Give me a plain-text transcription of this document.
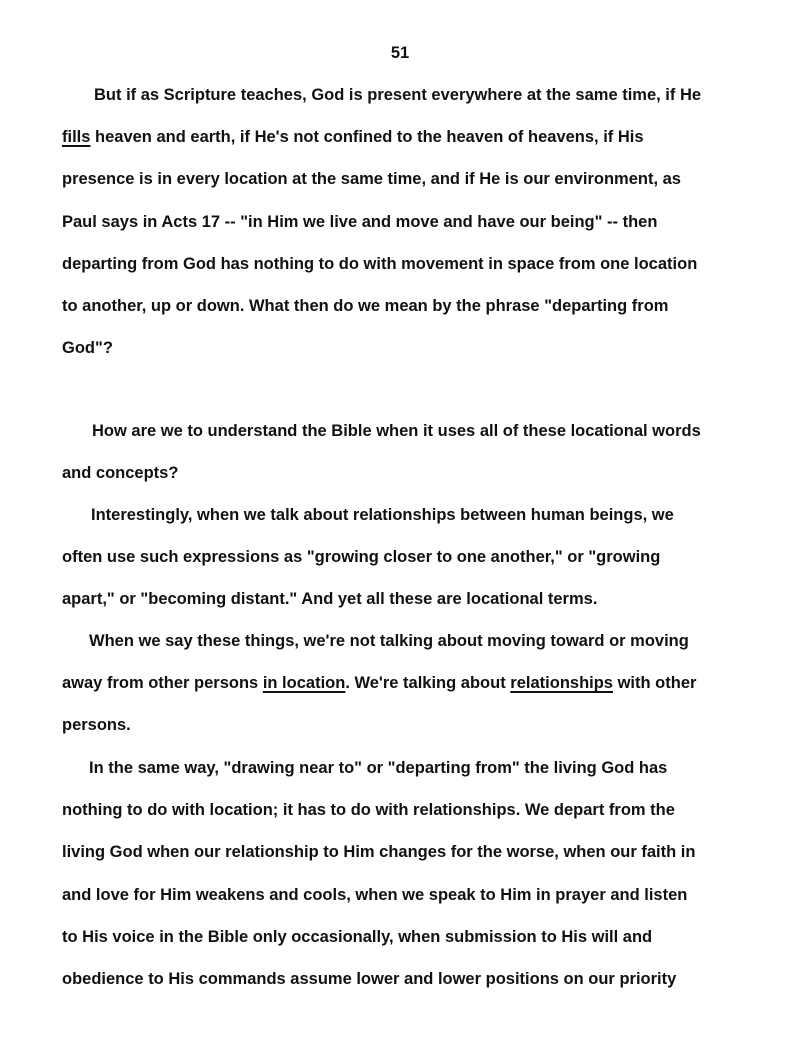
51
But if as Scripture teaches, God is present everywhere at the same time, if He
fills heaven and earth, if He's not confined to the heaven of heavens, if His
presence is in every location at the same time, and if He is our environment, as
Paul says in Acts 17 -- "in Him we live and move and have our being" -- then
departing from God has nothing to do with movement in space from one location
to another, up or down. What then do we mean by the phrase "departing from
God"?
How are we to understand the Bible when it uses all of these locational words
and concepts?
Interestingly, when we talk about relationships between human beings, we
often use such expressions as "growing closer to one another," or "growing
apart," or "becoming distant." And yet all these are locational terms.
When we say these things, we're not talking about moving toward or moving
away from other persons in location. We're talking about relationships with other
persons.
In the same way, "drawing near to" or "departing from" the living God has
nothing to do with location; it has to do with relationships. We depart from the
living God when our relationship to Him changes for the worse, when our faith in
and love for Him weakens and cools, when we speak to Him in prayer and listen
to His voice in the Bible only occasionally, when submission to His will and
obedience to His commands assume lower and lower positions on our priority
